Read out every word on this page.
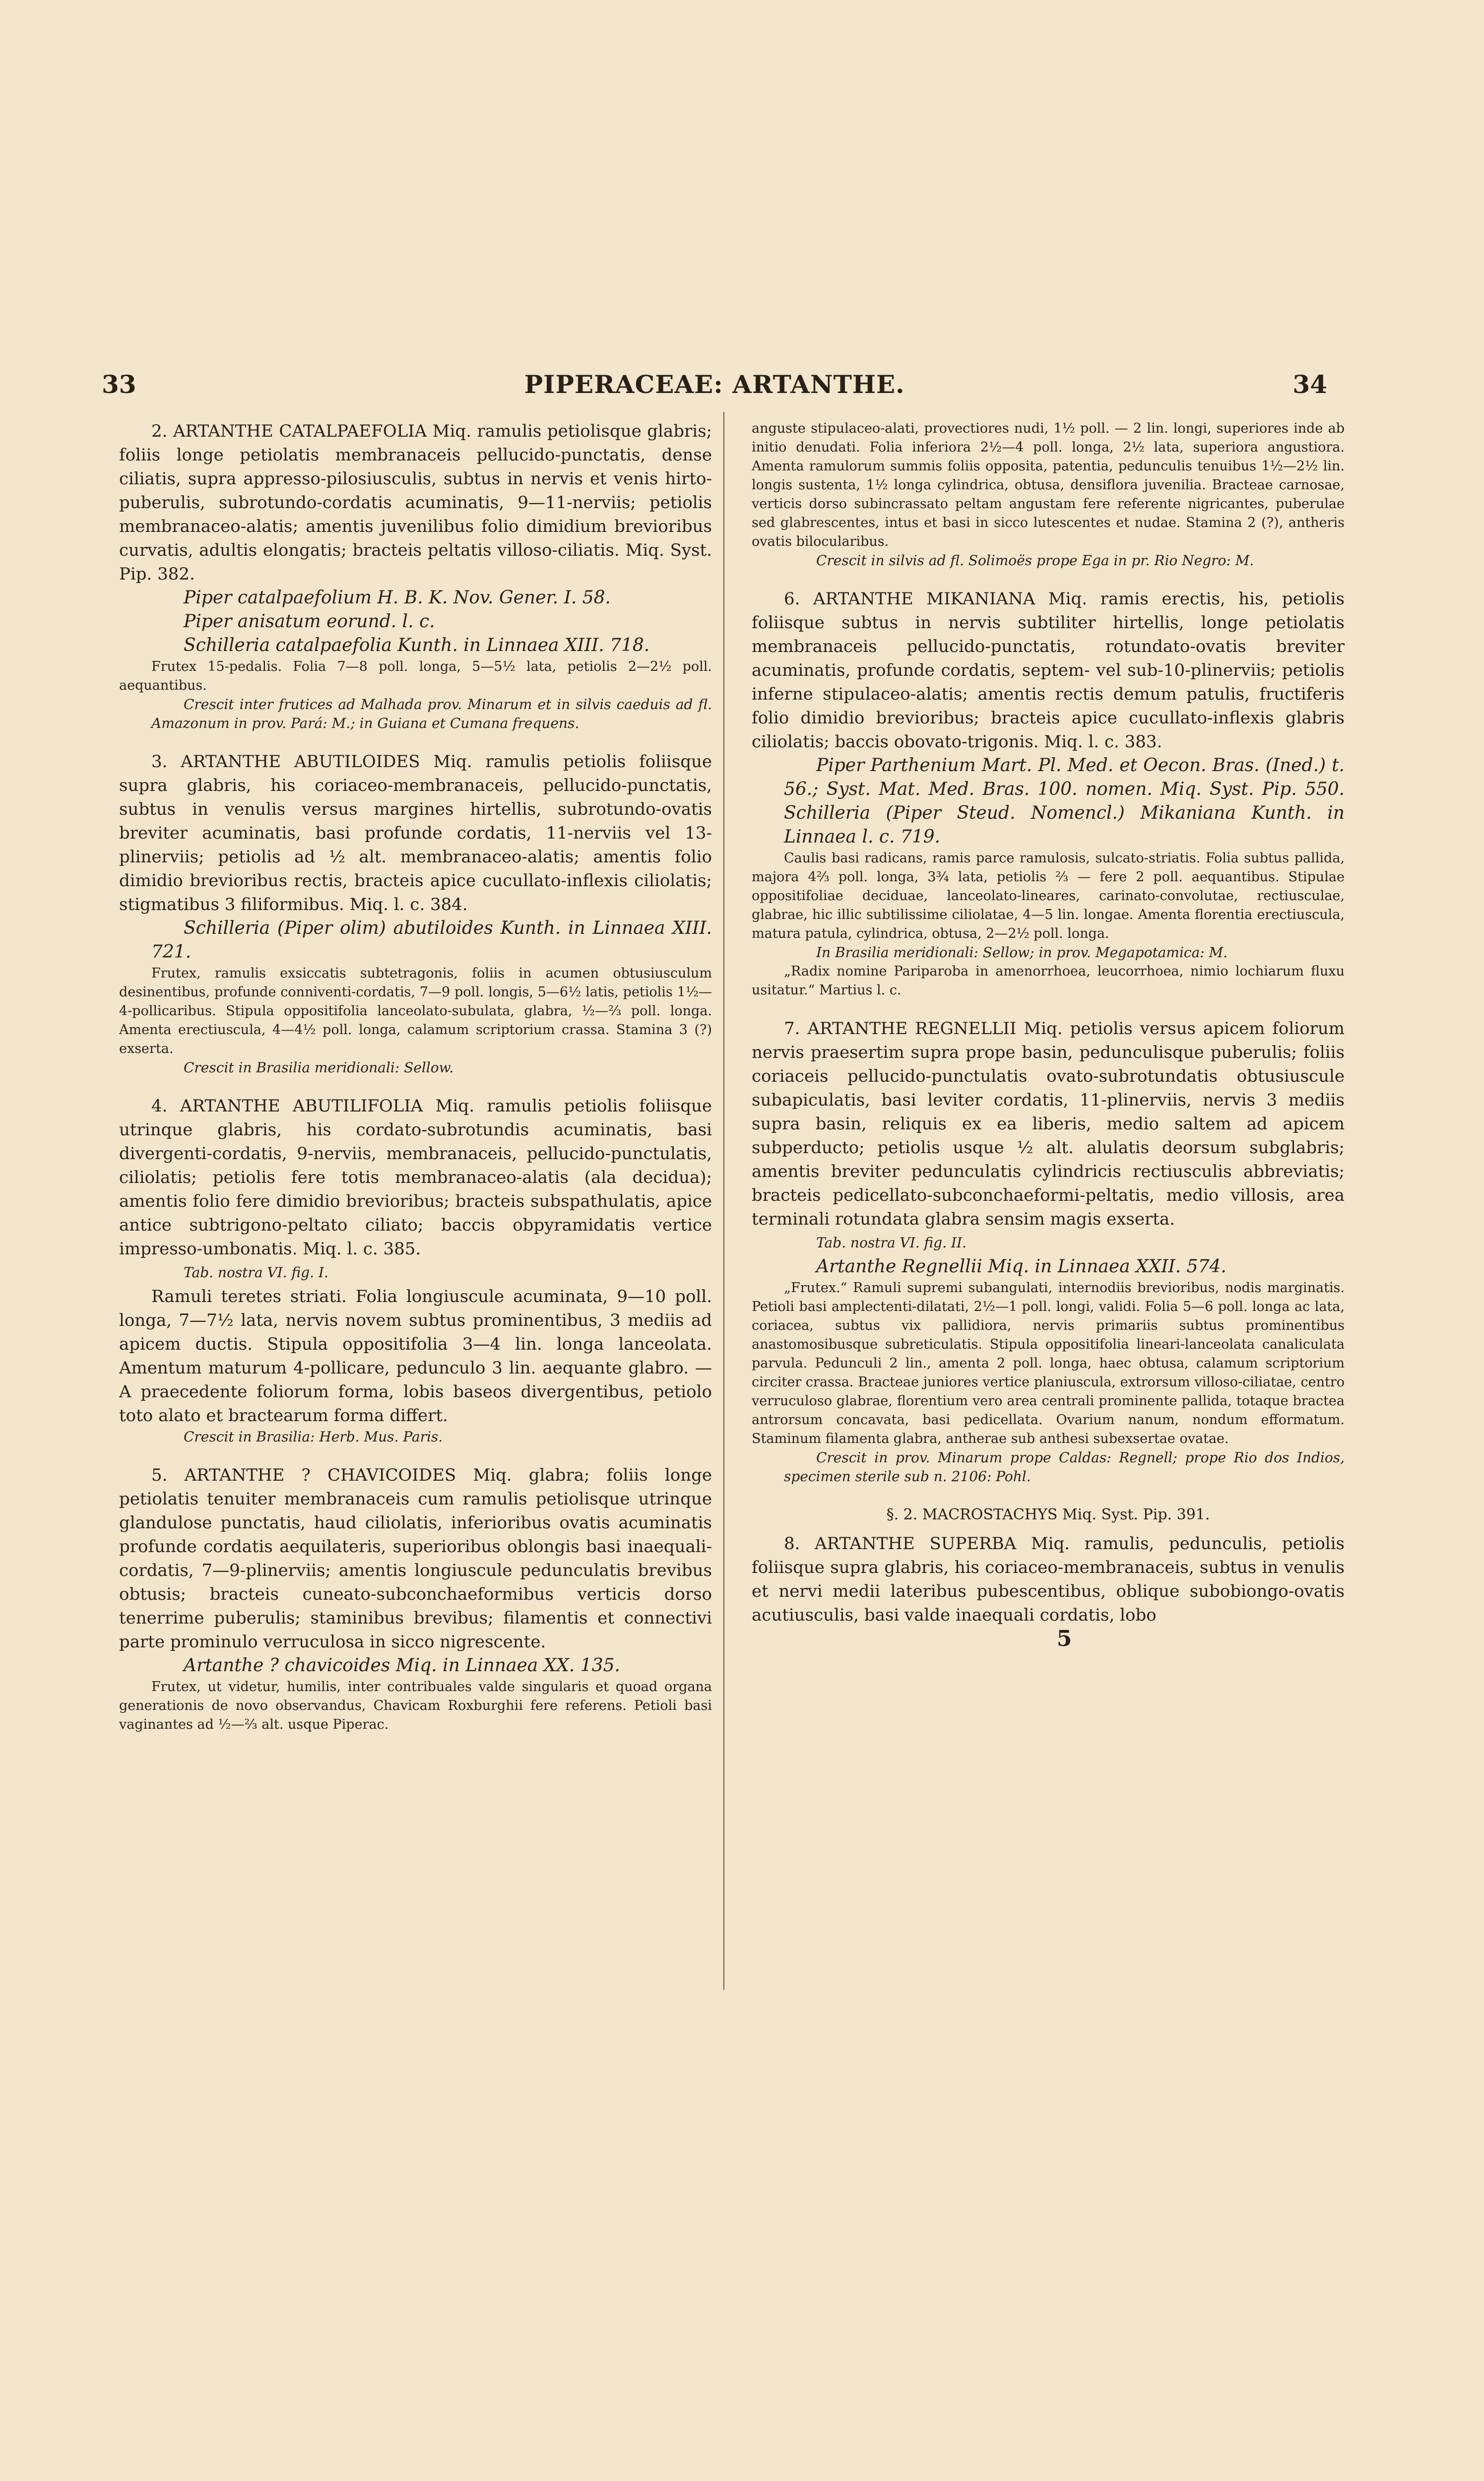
33	PIPERACEAE: ARTANTHE.	34

2. ARTANTHE CATALPAEFOLIA Miq. ramulis petiolisque glabris; foliis longe petiolatis membranaceis pellucido-punctatis, dense ciliatis, supra appresso-pilosiusculis, subtus in nervis et venis hirto-puberulis, subrotundo-cordatis acuminatis, 9—11-nerviis; petiolis membranaceo-alatis; amentis juvenilibus folio dimidium brevioribus curvatis, adultis elongatis; bracteis peltatis villoso-ciliatis. Miq. Syst. Pip. 382.

Piper catalpaefolium H. B. K. Nov. Gener. I. 58.

Piper anisatum eorund. l. c.

Schilleria catalpaefolia Kunth. in Linnaea XIII. 718.

Frutex 15-pedalis. Folia 7—8 poll. longa, 5—5½ lata, petiolis 2—2½ poll. aequantibus.

Crescit inter frutices ad Malhada prov. Minarum et in silvis caeduis ad fl. Amazonum in prov. Pará: M.; in Guiana et Cumana frequens.

3. ARTANTHE ABUTILOIDES Miq. ramulis petiolis foliisque supra glabris, his coriaceo-membranaceis, pellucido-punctatis, subtus in venulis versus margines hirtellis, subrotundo-ovatis breviter acuminatis, basi profunde cordatis, 11-nerviis vel 13-plinerviis; petiolis ad ½ alt. membranaceo-alatis; amentis folio dimidio brevioribus rectis, bracteis apice cucullato-inflexis ciliolatis; stigmatibus 3 filiformibus. Miq. l. c. 384.

Schilleria (Piper olim) abutiloides Kunth. in Linnaea XIII. 721.

Frutex, ramulis exsiccatis subtetragonis, foliis in acumen obtusiusculum desinentibus, profunde conniventi-cordatis, 7—9 poll. longis, 5—6½ latis, petiolis 1½—4-pollicaribus. Stipula oppositifolia lanceolato-subulata, glabra, ½—⅔ poll. longa. Amenta erectiuscula, 4—4½ poll. longa, calamum scriptorium crassa. Stamina 3 (?) exserta.

Crescit in Brasilia meridionali: Sellow.

4. ARTANTHE ABUTILIFOLIA Miq. ramulis petiolis foliisque utrinque glabris, his cordato-subrotundis acuminatis, basi divergenti-cordatis, 9-nerviis, membranaceis, pellucido-punctulatis, ciliolatis; petiolis fere totis membranaceo-alatis (ala decidua); amentis folio fere dimidio brevioribus; bracteis subspathulatis, apice antice subtrigono-peltato ciliato; baccis obpyramidatis vertice impresso-umbonatis. Miq. l. c. 385.

Tab. nostra VI. fig. I.

Ramuli teretes striati. Folia longiuscule acuminata, 9—10 poll. longa, 7—7½ lata, nervis novem subtus prominentibus, 3 mediis ad apicem ductis. Stipula oppositifolia 3—4 lin. longa lanceolata. Amentum maturum 4-pollicare, pedunculo 3 lin. aequante glabro. — A praecedente foliorum forma, lobis baseos divergentibus, petiolo toto alato et bractearum forma differt.

Crescit in Brasilia: Herb. Mus. Paris.

5. ARTANTHE ? CHAVICOIDES Miq. glabra; foliis longe petiolatis tenuiter membranaceis cum ramulis petiolisque utrinque glandulose punctatis, haud ciliolatis, inferioribus ovatis acuminatis profunde cordatis aequilateris, superioribus oblongis basi inaequali-cordatis, 7—9-plinerviis; amentis longiuscule pedunculatis brevibus obtusis; bracteis cuneato-subconchaeformibus verticis dorso tenerrime puberulis; staminibus brevibus; filamentis et connectivi parte prominulo verruculosa in sicco nigrescente.

Artanthe ? chavicoides Miq. in Linnaea XX. 135.

Frutex, ut videtur, humilis, inter contribuales valde singularis et quoad organa generationis de novo observandus, Chavicam Roxburghii fere referens. Petioli basi vaginantes ad ½—⅔ alt. usque Piperac.

anguste stipulaceo-alati, provectiores nudi, 1½ poll. — 2 lin. longi, superiores inde ab initio denudati. Folia inferiora 2½—4 poll. longa, 2½ lata, superiora angustiora. Amenta ramulorum summis foliis opposita, patentia, pedunculis tenuibus 1½—2½ lin. longis sustenta, 1½ longa cylindrica, obtusa, densiflora juvenilia. Bracteae carnosae, verticis dorso subincrassato peltam angustam fere referente nigricantes, puberulae sed glabrescentes, intus et basi in sicco lutescentes et nudae. Stamina 2 (?), antheris ovatis bilocularibus.

Crescit in silvis ad fl. Solimoës prope Ega in pr. Rio Negro: M.

6. ARTANTHE MIKANIANA Miq. ramis erectis, his, petiolis foliisque subtus in nervis subtiliter hirtellis, longe petiolatis membranaceis pellucido-punctatis, rotundato-ovatis breviter acuminatis, profunde cordatis, septem- vel sub-10-plinerviis; petiolis inferne stipulaceo-alatis; amentis rectis demum patulis, fructiferis folio dimidio brevioribus; bracteis apice cucullato-inflexis glabris ciliolatis; baccis obovato-trigonis. Miq. l. c. 383.

Piper Parthenium Mart. Pl. Med. et Oecon. Bras. (Ined.) t. 56.; Syst. Mat. Med. Bras. 100. nomen. Miq. Syst. Pip. 550. Schilleria (Piper Steud. Nomencl.) Mikaniana Kunth. in Linnaea l. c. 719.

Caulis basi radicans, ramis parce ramulosis, sulcato-striatis. Folia subtus pallida, majora 4⅔ poll. longa, 3¾ lata, petiolis ⅔ — fere 2 poll. aequantibus. Stipulae oppositifoliae deciduae, lanceolato-lineares, carinato-convolutae, rectiusculae, glabrae, hic illic subtilissime ciliolatae, 4—5 lin. longae. Amenta florentia erectiuscula, matura patula, cylindrica, obtusa, 2—2½ poll. longa.

In Brasilia meridionali: Sellow; in prov. Megapotamica: M.

„Radix nomine Pariparoba in amenorrhoea, leucorrhoea, nimio lochiarum fluxu usitatur.“ Martius l. c.

7. ARTANTHE REGNELLII Miq. petiolis versus apicem foliorum nervis praesertim supra prope basin, pedunculisque puberulis; foliis coriaceis pellucido-punctulatis ovato-subrotundatis obtusiuscule subapiculatis, basi leviter cordatis, 11-plinerviis, nervis 3 mediis supra basin, reliquis ex ea liberis, medio saltem ad apicem subperducto; petiolis usque ½ alt. alulatis deorsum subglabris; amentis breviter pedunculatis cylindricis rectiusculis abbreviatis; bracteis pedicellato-subconchaeformi-peltatis, medio villosis, area terminali rotundata glabra sensim magis exserta.

Tab. nostra VI. fig. II.

Artanthe Regnellii Miq. in Linnaea XXII. 574.

„Frutex.“ Ramuli supremi subangulati, internodiis brevioribus, nodis marginatis. Petioli basi amplectenti-dilatati, 2½—1 poll. longi, validi. Folia 5—6 poll. longa ac lata, coriacea, subtus vix pallidiora, nervis primariis subtus prominentibus anastomosibusque subreticulatis. Stipula oppositifolia lineari-lanceolata canaliculata parvula. Pedunculi 2 lin., amenta 2 poll. longa, haec obtusa, calamum scriptorium circiter crassa. Bracteae juniores vertice planiuscula, extrorsum villoso-ciliatae, centro verruculoso glabrae, florentium vero area centrali prominente pallida, totaque bractea antrorsum concavata, basi pedicellata. Ovarium nanum, nondum efformatum. Staminum filamenta glabra, antherae sub anthesi subexsertae ovatae.

Crescit in prov. Minarum prope Caldas: Regnell; prope Rio dos Indios, specimen sterile sub n. 2106: Pohl.

§. 2. MACROSTACHYS Miq. Syst. Pip. 391.

8. ARTANTHE SUPERBA Miq. ramulis, pedunculis, petiolis foliisque supra glabris, his coriaceo-membranaceis, subtus in venulis et nervi medii lateribus pubescentibus, oblique subobiongo-ovatis acutiusculis, basi valde inaequali cordatis, lobo

5
